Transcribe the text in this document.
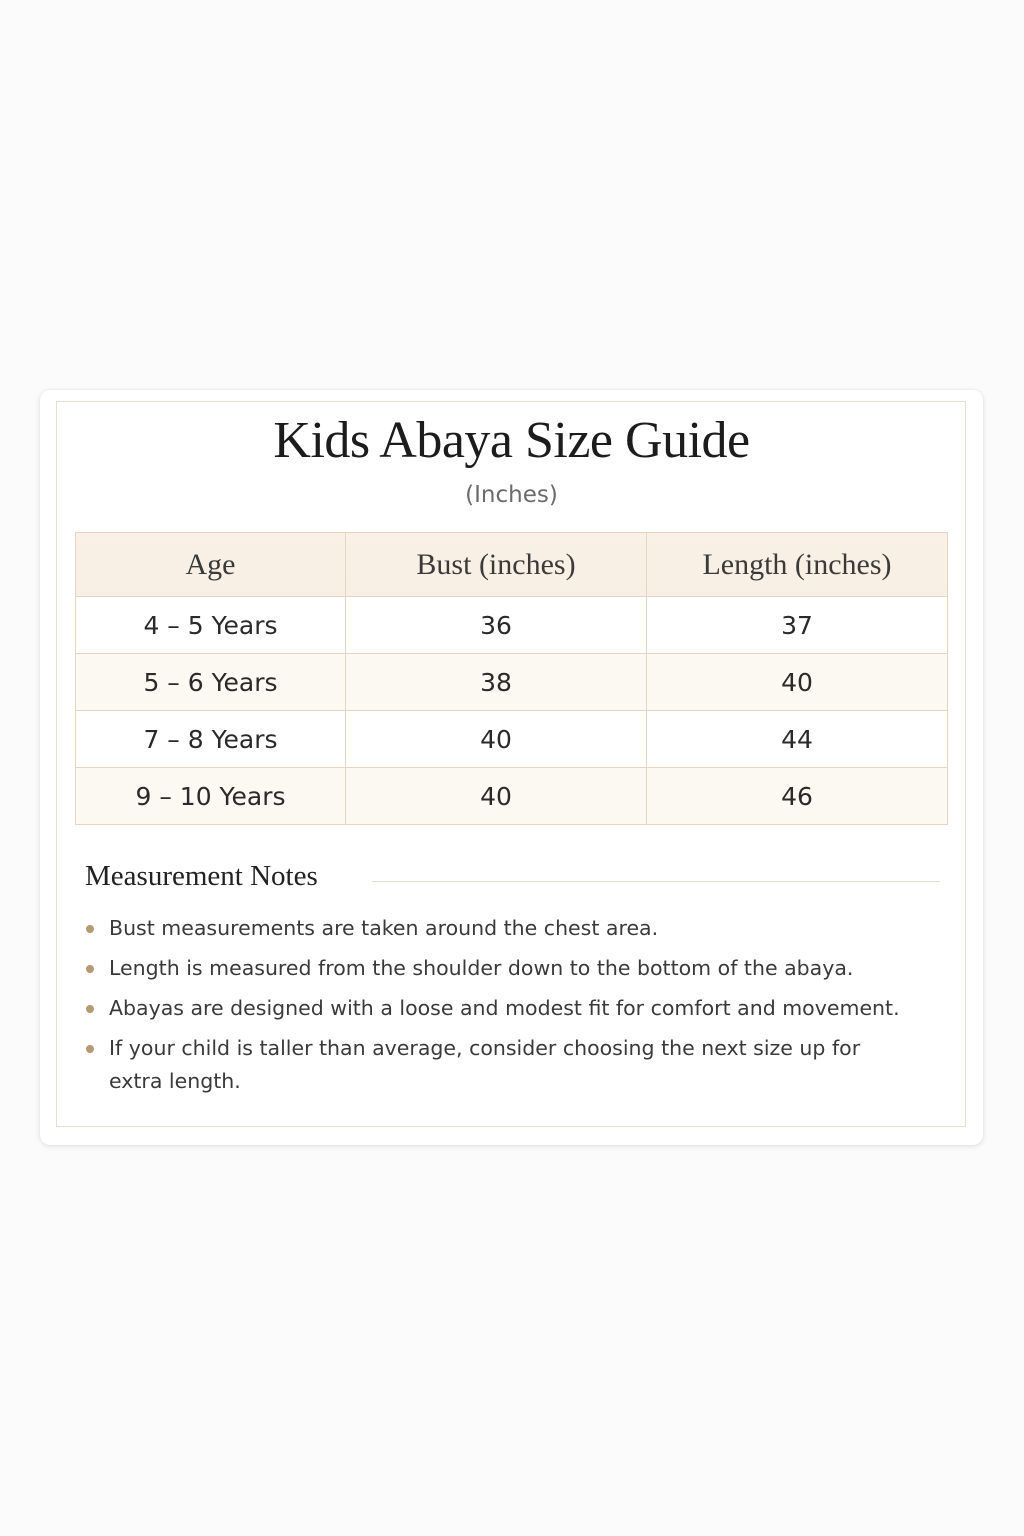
Kids Abaya Size Guide
(Inches)
Age	Bust (inches)	Length (inches)
4 – 5 Years	36	37
5 – 6 Years	38	40
7 – 8 Years	40	44
9 – 10 Years	40	46
Measurement Notes
Bust measurements are taken around the chest area.
Length is measured from the shoulder down to the bottom of the abaya.
Abayas are designed with a loose and modest fit for comfort and movement.
If your child is taller than average, consider choosing the next size up for extra length.
